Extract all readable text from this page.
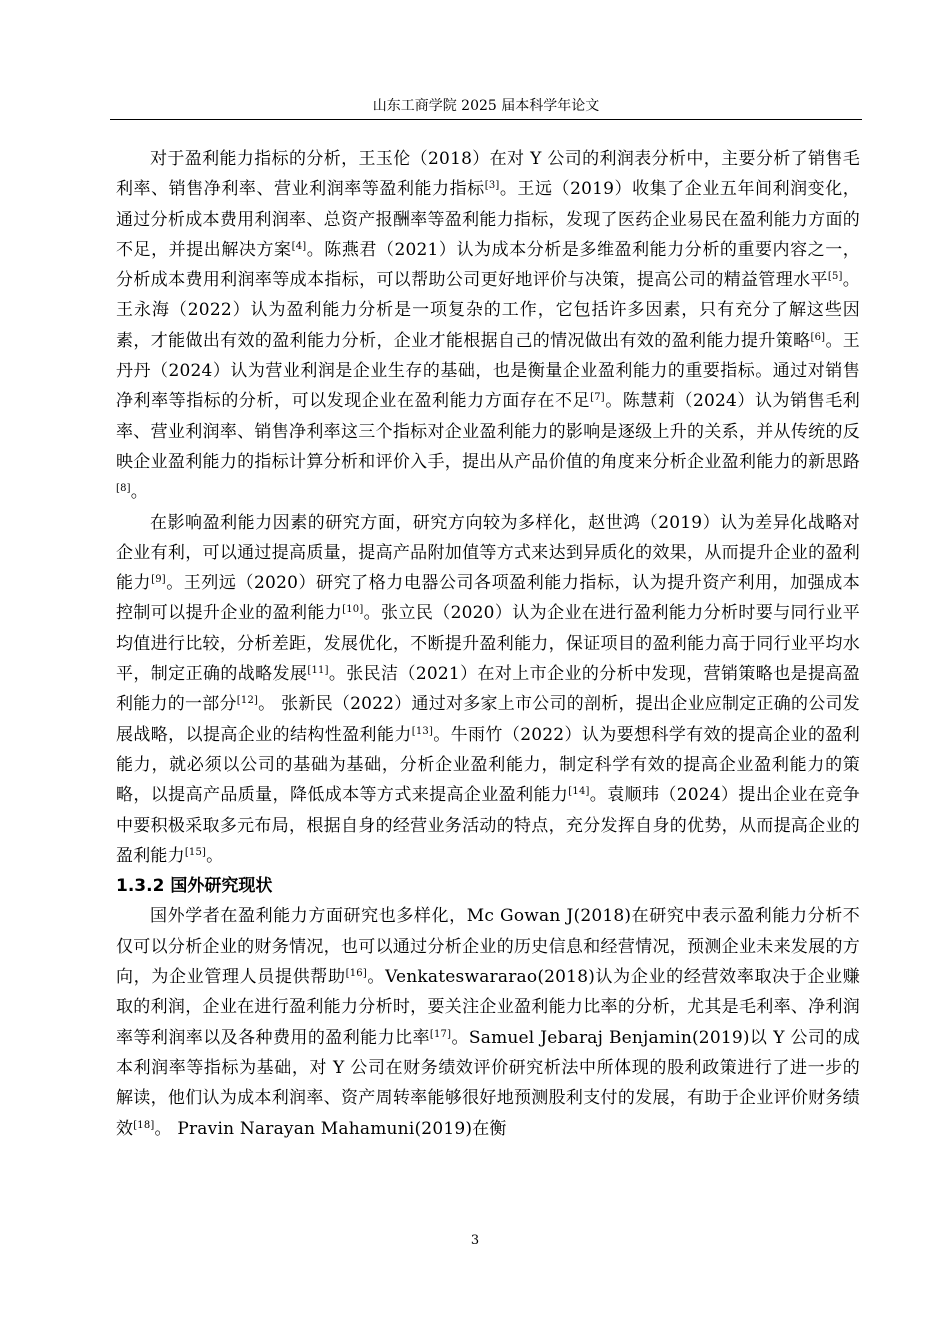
山东工商学院 2025 届本科学年论文

对于盈利能力指标的分析，王玉伦（2018）在对 Y 公司的利润表分析中，主要分析了销售毛利率、销售净利率、营业利润率等盈利能力指标[3]。王远（2019）收集了企业五年间利润变化，通过分析成本费用利润率、总资产报酬率等盈利能力指标，发现了医药企业易民在盈利能力方面的不足，并提出解决方案[4]。陈燕君（2021）认为成本分析是多维盈利能力分析的重要内容之一，分析成本费用利润率等成本指标，可以帮助公司更好地评价与决策，提高公司的精益管理水平[5]。王永海（2022）认为盈利能力分析是一项复杂的工作，它包括许多因素，只有充分了解这些因素，才能做出有效的盈利能力分析，企业才能根据自己的情况做出有效的盈利能力提升策略[6]。王丹丹（2024）认为营业利润是企业生存的基础，也是衡量企业盈利能力的重要指标。通过对销售净利率等指标的分析，可以发现企业在盈利能力方面存在不足[7]。陈慧莉（2024）认为销售毛利率、营业利润率、销售净利率这三个指标对企业盈利能力的影响是逐级上升的关系，并从传统的反映企业盈利能力的指标计算分析和评价入手，提出从产品价值的角度来分析企业盈利能力的新思路[8]。

在影响盈利能力因素的研究方面，研究方向较为多样化，赵世鸿（2019）认为差异化战略对企业有利，可以通过提高质量，提高产品附加值等方式来达到异质化的效果，从而提升企业的盈利能力[9]。王列远（2020）研究了格力电器公司各项盈利能力指标，认为提升资产利用，加强成本控制可以提升企业的盈利能力[10]。张立民（2020）认为企业在进行盈利能力分析时要与同行业平均值进行比较，分析差距，发展优化，不断提升盈利能力，保证项目的盈利能力高于同行业平均水平，制定正确的战略发展[11]。张民洁（2021）在对上市企业的分析中发现，营销策略也是提高盈利能力的一部分[12]。 张新民（2022）通过对多家上市公司的剖析，提出企业应制定正确的公司发展战略，以提高企业的结构性盈利能力[13]。牛雨竹（2022）认为要想科学有效的提高企业的盈利能力，就必须以公司的基础为基础，分析企业盈利能力，制定科学有效的提高企业盈利能力的策略，以提高产品质量，降低成本等方式来提高企业盈利能力[14]。袁顺玮（2024）提出企业在竞争中要积极采取多元布局，根据自身的经营业务活动的特点，充分发挥自身的优势，从而提高企业的盈利能力[15]。

1.3.2 国外研究现状

国外学者在盈利能力方面研究也多样化，Mc Gowan J(2018)在研究中表示盈利能力分析不仅可以分析企业的财务情况，也可以通过分析企业的历史信息和经营情况，预测企业未来发展的方向，为企业管理人员提供帮助[16]。Venkateswararao(2018)认为企业的经营效率取决于企业赚取的利润，企业在进行盈利能力分析时，要关注企业盈利能力比率的分析，尤其是毛利率、净利润率等利润率以及各种费用的盈利能力比率[17]。Samuel Jebaraj Benjamin(2019)以 Y 公司的成本利润率等指标为基础，对 Y 公司在财务绩效评价研究析法中所体现的股利政策进行了进一步的解读，他们认为成本利润率、资产周转率能够很好地预测股利支付的发展，有助于企业评价财务绩效[18]。 Pravin Narayan Mahamuni(2019)在衡

3
